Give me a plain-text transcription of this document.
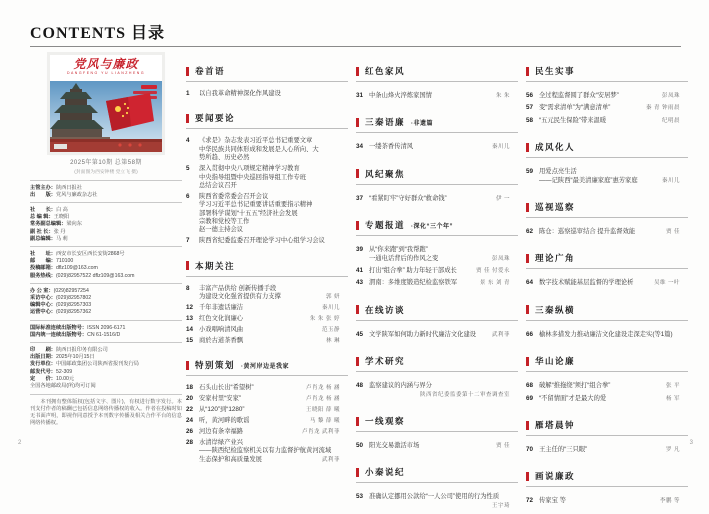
CONTENTS 目录
党风与廉政
DANGFENG YU LIANZHENG
2025年第10期 总第58期
(封面图为西安钟楼 党立飞 摄)
主管主办： 陕西日报社
出　　版： 党风与廉政杂志社
社　　长： 白 高
总 编 辑： 王晓阳
常务副总编辑： 梁向东
副 社 长： 张 丹
副总编辑： 马 莉
社　　址： 西安市长安区西长安街2868号
邮　　编： 710100
投稿邮箱： dflz109@163.com
服务热线： (029)82957522 dflz109@163.com
办 公 室： (029)82957254
采访中心： (029)82957802
编辑中心： (029)82957303
运营中心： (029)82957362
国际标准连续出版物号： ISSN 2096-6171
国内统一连续出版物号： CN 61-1516/D
印　　刷： 陕西日报印务有限公司
出版日期： 2025年10月15日
发行单位： 中国邮政集团公司陕西省报刊发行局
邮发代号： 52-309
定　　价： 10.00元
全国各地邮政局(所)均可订阅

本刊拥有整体版权(包括文字、图片)，有权进行数字发行。本刊支付作者的稿酬已包括信息网络传播权的收入。作者在投稿时如无书面声明，即视作同意授予本刊数字传播及相关合作平台的信息网络传播权。

卷首语
1	以自我革命精神深化作风建设
要闻要论
4	《求是》杂志发表习近平总书记重要文章
中华民族共同体形成和发展是人心所向、大
势所趋、历史必然
5	深入贯彻中央八项规定精神学习教育
中央指导组暨中央巡回指导组工作专班
总结会议召开
6	陕西省委常委会召开会议
学习习近平总书记重要讲话重要指示精神
部署科学谋划“十五五”经济社会发展
宗教和党校等工作
赵一德主持会议
7	陕西省纪委监委召开理论学习中心组学习会议
本期关注
8	丰富产品供给 创新传播手段
为建设文化强省提供有力支撑	郭 妍
12 千年非遗话廉洁	秦川儿
13 红色文化润廉心	朱 朱 张 婷
14 小戏唱响清风曲	范玉静
15 商於古道茶香飘	林 琳
特别策划 ·黄河岸边是我家
18 石头山长出“希望树”	卢肖龙 杨 涵
20 安家村里“安家”	卢肖龙 杨 涵
22 从“120”到“1280”	王晓阳 薛 曦
24 听，黄河畔的歌谣	马 黎 薛 曦
26 河边有条幸福路	卢肖龙 武利菲
28 水清岸绿产业兴
——陕西纪检监察机关以有力监督护航黄河流域
生态保护和高质量发展	武利菲
红色家风
31 中条山烽火淬炼家国情	朱 朱
三秦语廉 ·非遗篇
34 一缕茶香传清风	秦川儿
风纪聚焦
37 “看紧盯牢”守好群众“救命钱”	伊 一
专题报道 ·深化“三个年”
39 从“你来跑”到“我帮跑”
一通电话背后的作风之变	彭凤珠
41 打出“组合拳” 助力年轻干部成长	贾 佳 付爱永
43 渭南：多维度锻造纪检监察铁军	景 东 刘 青
在线访谈
45 文学陕军如何助力新时代廉洁文化建设	武利菲
学术研究
48 监察建议的内涵与界分
陕西省纪委监委第十二审查调查室
一线观察
50 阳光交易激活市场	贾 佳
小秦说纪
53 准确认定挪用公款给“一人公司”使用的行为性质
王宇琦
民生实事
56 全过程监督圆了群众“安居梦”	彭凤珠
57 变“需求清单”为“满意清单”	秦 青 钟雨晨
58 “五元民生保险”带来温暖	纪明晨
成风化人
59 用爱点亮生活
——记陕西“最美清廉家庭”惠芳家庭	秦川儿
巡视巡察
62 陈仓：巡察巡审结合 提升监督效能	贾 佳
理论广角
64 数字技术赋能基层监督的学理论析	吴维 一叶
三秦纵横
66 榆林多措发力推动廉洁文化建设走深走实(等1篇)
华山论廉
68 破解“推拖绕”须打“组合拳”	张 平
69 “不留情面”才是最大的爱	杨 军
雁塔晨钟
70 王主任的“三只眼”	罗 凡
画说廉政
72 传家宝 等	李鹏 等
2	3
